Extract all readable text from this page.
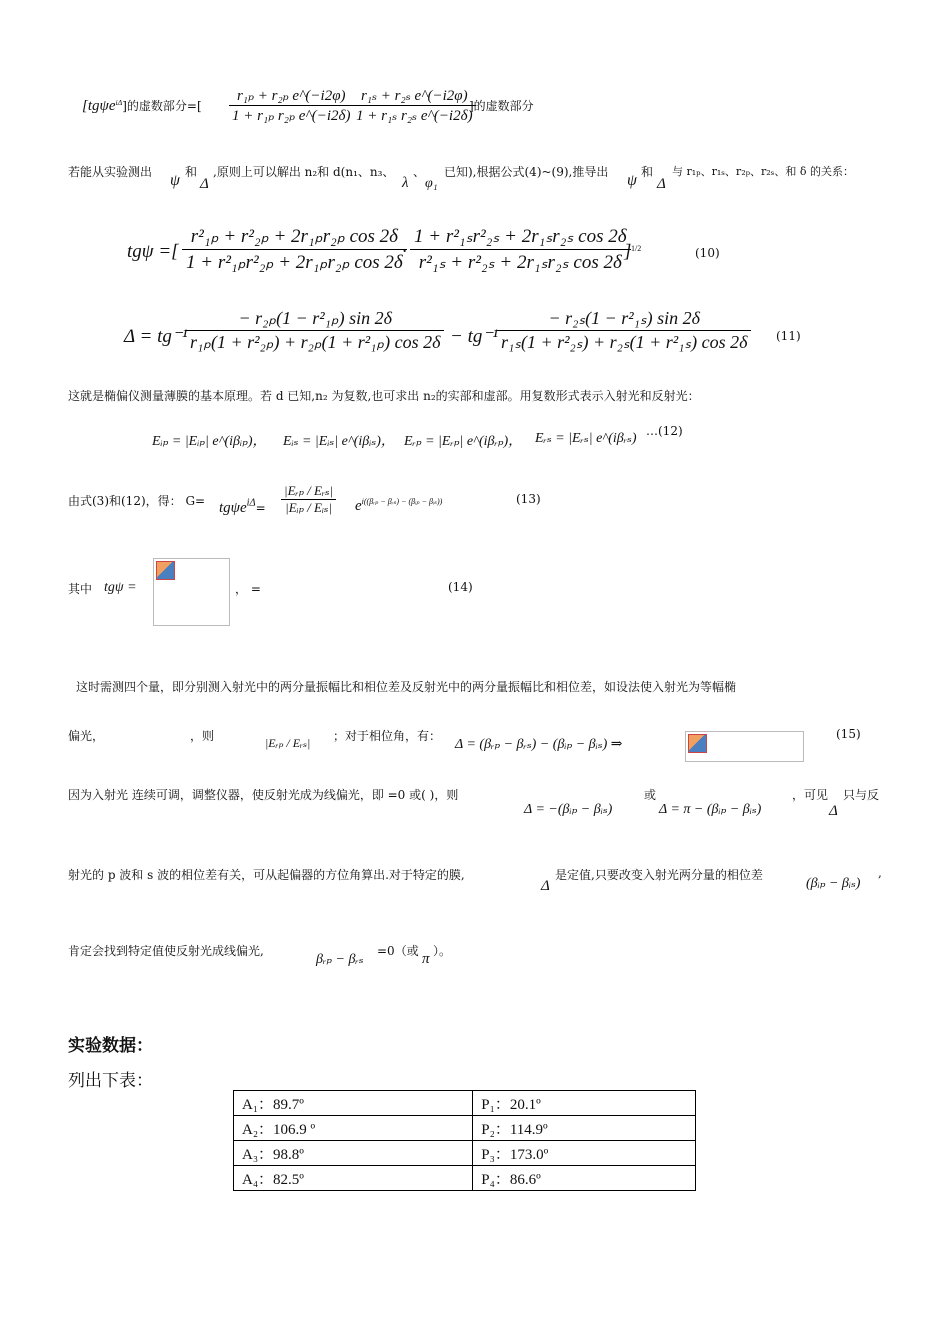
[tgψe$^{i\Delta}$]的虚数部分=[ $\frac{\text{r₁ₚ + r₂ₚ e\textasciicircum{}(−i2φ)}}{\text{1 + r₁ₚ r₂ₚ e\textasciicircum{}(−i2δ)}} \frac{\text{r₁ₛ + r₂ₛ e\textasciicircum{}(−i2φ)}}{\text{1 + r₁ₛ r₂ₛ e\textasciicircum{}(−i2δ)}}$
]的虚数部分
若能从实验测出 ψ 和
Δ
,原则上可以解出 n₂和 d(n₁、n₃、
λ
、
φ₁
已知),根据公式(4)~(9),推导出 ψ 和
Δ
与 r₁ₚ、r₁ₛ、r₂ₚ、r₂ₛ、和 δ 的关系：
tgψ =[ $\frac{\text{r²₁ₚ + r²₂ₚ + 2r₁ₚr₂ₚ cos 2δ}}{\text{1 + r²₁ₚr²₂ₚ + 2r₁ₚr₂ₚ cos 2δ}}$
· $\frac{\text{1 + r²₁ₛr²₂ₛ + 2r₁ₛr₂ₛ cos 2δ}}{\text{r²₁ₛ + r²₂ₛ + 2r₁ₛr₂ₛ cos 2δ}}$
] 1/2	(10)
Δ = tg⁻¹
$\frac{\text{− r₂ₚ(1 − r²₁ₚ) sin 2δ}}{\text{r₁ₚ(1 + r²₂ₚ) + r₂ₚ(1 + r²₁ₚ) cos 2δ}} - tg^{-1}$
$\frac{\text{− r₂ₛ(1 − r²₁ₛ) sin 2δ}}{\text{r₁ₛ(1 + r²₂ₛ) + r₂ₛ(1 + r²₁ₛ) cos 2δ}} (11)$
这就是椭偏仪测量薄膜的基本原理。若 d 已知,n₂ 为复数,也可求出 n₂的实部和虚部。用复数形式表示入射光和反射光：
Eᵢₚ = |Eᵢₚ| e^(iβᵢₚ)， Eᵢₛ = |Eᵢₛ| e^(iβᵢₛ)， Eᵣₚ = |Eᵣₚ| e^(iβᵣₚ)， Eᵣₛ = |Eᵣₛ| e^(iβᵣₛ) …(12)
由式(3)和(12)，得： $G= tg\psi e^{i\Delta}= \frac{\text{|Eᵣₚ / Eᵣₛ|}}{\text{|Eᵢₚ / Eᵢₛ|}} e^{i((\beta ᵣ_p - \beta ᵣ_s) - (\beta ᵢ_p - \beta ᵢ_s))}$	(13)
其中 tgψ =	， =	(14)
这时需测四个量，即分别测入射光中的两分量振幅比和相位差及反射光中的两分量振幅比和相位差，如设法使入射光为等幅椭
偏光，	，则	|Eᵣₚ / Eᵣₛ| ；对于相位角，有：
Δ = (βᵣₚ − βᵣₛ) − (βᵢₚ − βᵢₛ) ⇒
(15)
因为入射光 连续可调，调整仪器，使反射光成为线偏光，即 =0 或( )，则
Δ = −(βᵢₚ − βᵢₛ)
或
Δ = π − (βᵢₚ − βᵢₛ)
，可见
Δ
只与反
射光的 p 波和 s 波的相位差有关，可从起偏器的方位角算出.对于特定的膜,
Δ
是定值,只要改变入射光两分量的相位差
(βᵢₚ − βᵢₛ)
,
肯定会找到特定值使反射光成线偏光,
βᵣₚ − βᵣₛ
=0（或 π ）。
实验数据：
列出下表：
A₁：89.7º	P₁：20.1º
A₂：106.9 º	P₂：114.9º
A₃：98.8º	P₃：173.0º
A₄：82.5º	P₄：86.6º
